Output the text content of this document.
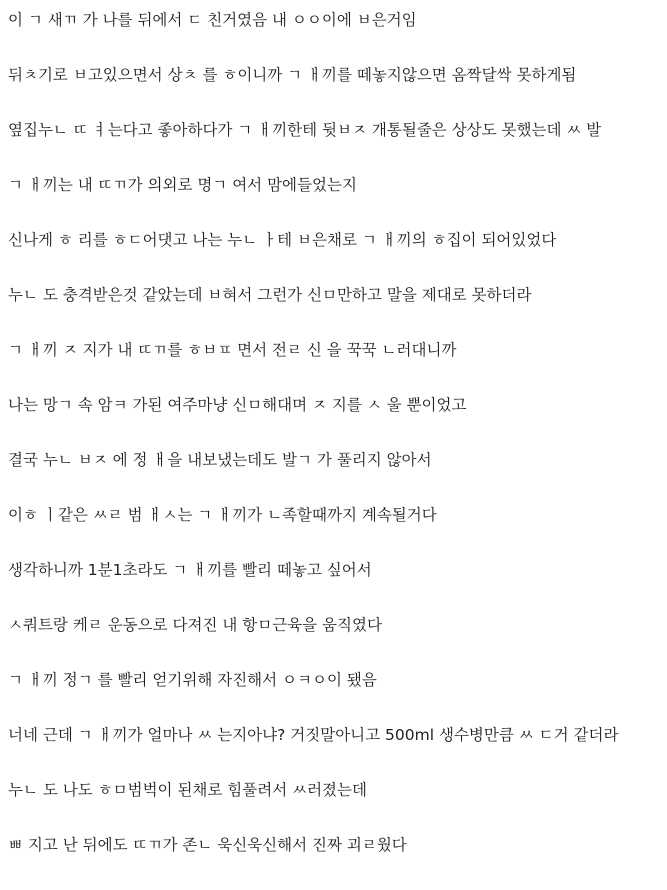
이 ㄱ 새ㄲ 가 나를 뒤에서 ㄷ 친거였음 내 ㅇㅇ이에 ㅂ은거임
뒤ㅊ기로 ㅂ고있으면서 상ㅊ 를 ㅎ이니까 ㄱ ㅐ끼를 떼놓지않으면 옴짝달싹 못하게됨
옆집누ㄴ ㄸ ㅕ는다고 좋아하다가 ㄱ ㅐ끼한테 뒷ㅂㅈ 개통될줄은 상상도 못했는데 ㅆ 발
ㄱ ㅐ끼는 내 ㄸㄲ가 의외로 명ㄱ 여서 맘에들었는지
신나게 ㅎ 리를 ㅎㄷ어댓고 나는 누ㄴ ㅏ테 ㅂ은채로 ㄱ ㅐ끼의 ㅎ집이 되어있었다
누ㄴ 도 충격받은것 같았는데 ㅂ혀서 그런가 신ㅁ만하고 말을 제대로 못하더라
ㄱ ㅐ끼 ㅈ 지가 내 ㄸㄲ를 ㅎㅂㅍ 면서 전ㄹ 신 을 꾹꾹 ㄴ러대니까
나는 망ㄱ 속 암ㅋ 가된 여주마냥 신ㅁ해대며 ㅈ 지를 ㅅ 울 뿐이었고
결국 누ㄴ ㅂㅈ 에 정 ㅐ을 내보냈는데도 발ㄱ 가 풀리지 않아서
이ㅎ ㅣ같은 ㅆㄹ 범 ㅐㅅ는 ㄱ ㅐ끼가 ㄴ족할때까지 계속될거다
생각하니까 1분1초라도 ㄱ ㅐ끼를 빨리 떼놓고 싶어서
ㅅ쿼트랑 케ㄹ 운동으로 다져진 내 항ㅁ근육을 움직였다
ㄱ ㅐ끼 정ㄱ 를 빨리 얻기위해 자진해서 ㅇㅋㅇ이 됐음
너네 근데 ㄱ ㅐ끼가 얼마나 ㅆ 는지아냐? 거짓말아니고 500ml 생수병만큼 ㅆ ㄷ거 같더라
누ㄴ 도 나도 ㅎㅁ범벅이 된채로 힘풀려서 ㅆ러졌는데
ㅃ 지고 난 뒤에도 ㄸㄲ가 존ㄴ 욱신욱신해서 진짜 괴ㄹ웠다
